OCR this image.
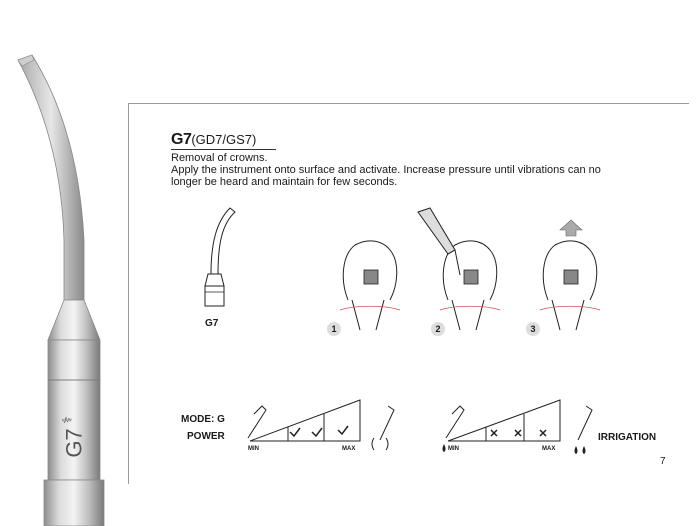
⚕
G7
G7(GD7/GS7)
Removal of crowns.
Apply the instrument onto surface and activate. Increase pressure until vibrations can no
longer be heard and maintain for few seconds.
G7	1	2	3
MODE: G
POWER	IRRIGATION
MIN	MAX	MIN	MAX
7
